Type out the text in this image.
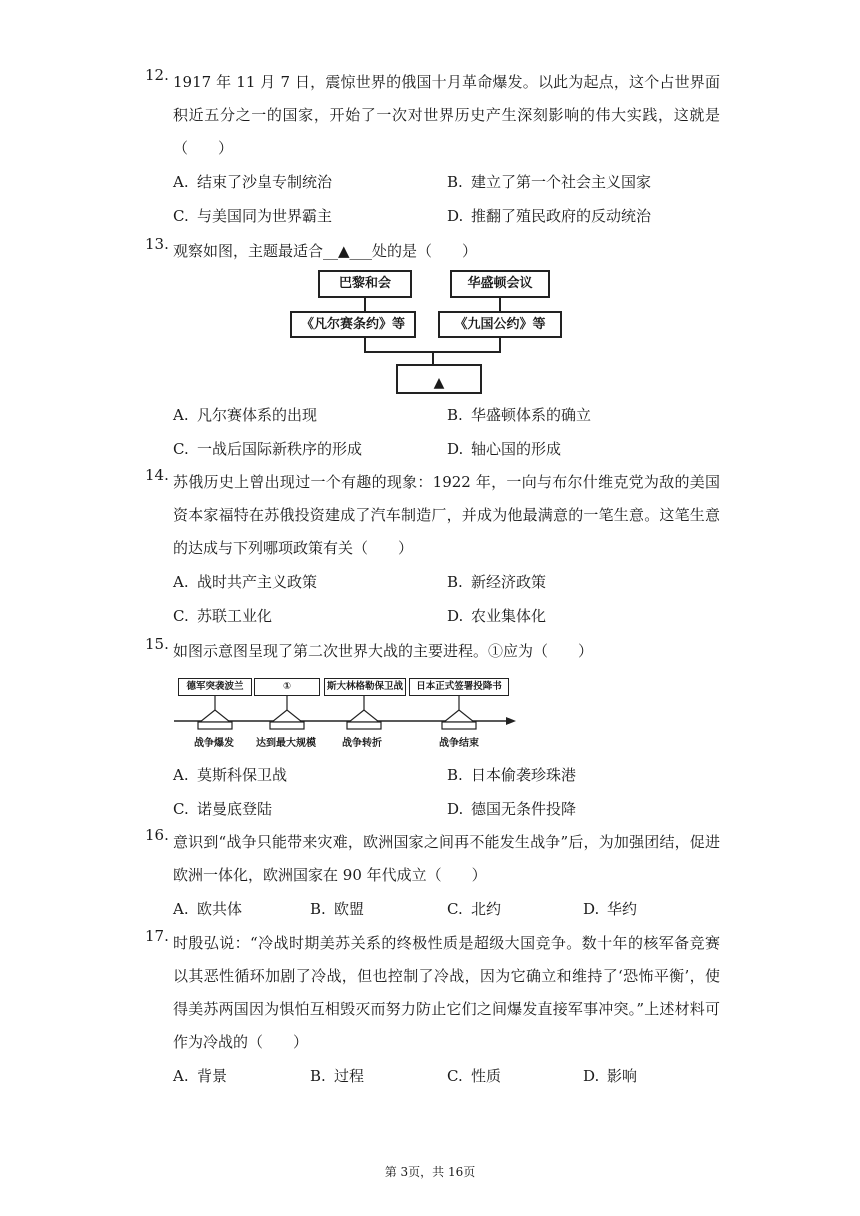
12. 1917 年 11 月 7 日，震惊世界的俄国十月革命爆发。以此为起点，这个占世界面积近五分之一的国家，开始了一次对世界历史产生深刻影响的伟大实践，这就是（　　）

A. 结束了沙皇专制统治	B. 建立了第一个社会主义国家
C. 与美国同为世界霸主	D. 推翻了殖民政府的反动统治
13. 观察如图，主题最适合__▲___处的是（　　）

巴黎和会	华盛顿会议
《凡尔赛条约》等	《九国公约》等
▲
A. 凡尔赛体系的出现	B. 华盛顿体系的确立
C. 一战后国际新秩序的形成	D. 轴心国的形成
14. 苏俄历史上曾出现过一个有趣的现象：1922 年，一向与布尔什维克党为敌的美国资本家福特在苏俄投资建成了汽车制造厂，并成为他最满意的一笔生意。这笔生意的达成与下列哪项政策有关（　　）

A. 战时共产主义政策	B. 新经济政策
C. 苏联工业化	D. 农业集体化
15. 如图示意图呈现了第二次世界大战的主要进程。①应为（　　）

德军突袭波兰	①	斯大林格勒保卫战	日本正式签署投降书
战争爆发 达到最大规模	战争转折	战争结束
A. 莫斯科保卫战	B. 日本偷袭珍珠港
C. 诺曼底登陆	D. 德国无条件投降
16. 意识到“战争只能带来灾难，欧洲国家之间再不能发生战争”后，为加强团结，促进欧洲一体化，欧洲国家在 90 年代成立（　　）

A. 欧共体	B. 欧盟	C. 北约	D. 华约
17. 时殷弘说：“冷战时期美苏关系的终极性质是超级大国竞争。数十年的核军备竞赛以其恶性循环加剧了冷战，但也控制了冷战，因为它确立和维持了‘恐怖平衡’，使得美苏两国因为惧怕互相毁灭而努力防止它们之间爆发直接军事冲突。”上述材料可作为冷战的（　　）

A. 背景	B. 过程	C. 性质	D. 影响
第 3页，共 16页
